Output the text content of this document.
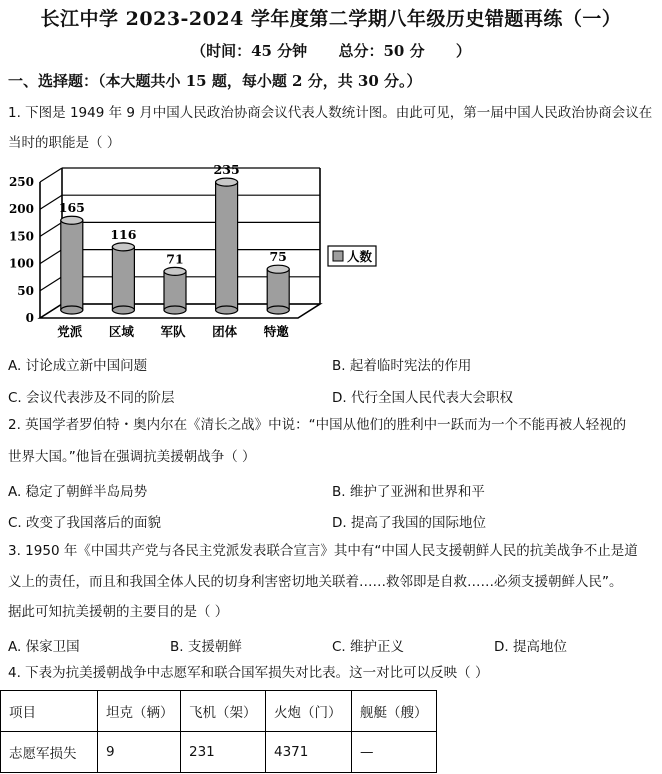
长江中学 2023-2024 学年度第二学期八年级历史错题再练（一）
（时间：45 分钟      总分：50 分      ）
一、选择题：（本大题共小 15 题，每小题 2 分，共 30 分。）
1. 下图是 1949 年 9 月中国人民政治协商会议代表人数统计图。由此可见，第一届中国人民政治协商会议在
当时的职能是（ ）
0
50
100
150
200
250
165
党派
116
区域
71
军队
235
团体
75
特邀
人数
A. 讨论成立新中国问题	B. 起着临时宪法的作用
C. 会议代表涉及不同的阶层	D. 代行全国人民代表大会职权
2. 英国学者罗伯特・奥内尔在《清长之战》中说：“中国从他们的胜利中一跃而为一个不能再被人轻视的
世界大国。”他旨在强调抗美援朝战争（ ）
A. 稳定了朝鲜半岛局势	B. 维护了亚洲和世界和平
C. 改变了我国落后的面貌	D. 提高了我国的国际地位
3. 1950 年《中国共产党与各民主党派发表联合宣言》其中有“中国人民支援朝鲜人民的抗美战争不止是道
义上的责任，而且和我国全体人民的切身利害密切地关联着……救邻即是自救……必须支援朝鲜人民”。
据此可知抗美援朝的主要目的是（ ）
A. 保家卫国	B. 支援朝鲜	C. 维护正义	D. 提高地位
4. 下表为抗美援朝战争中志愿军和联合国军损失对比表。这一对比可以反映（ ）
项目	坦克（辆）	飞机（架）	火炮（门）	舰艇（艘）
志愿军损失	9	231	4371	—
